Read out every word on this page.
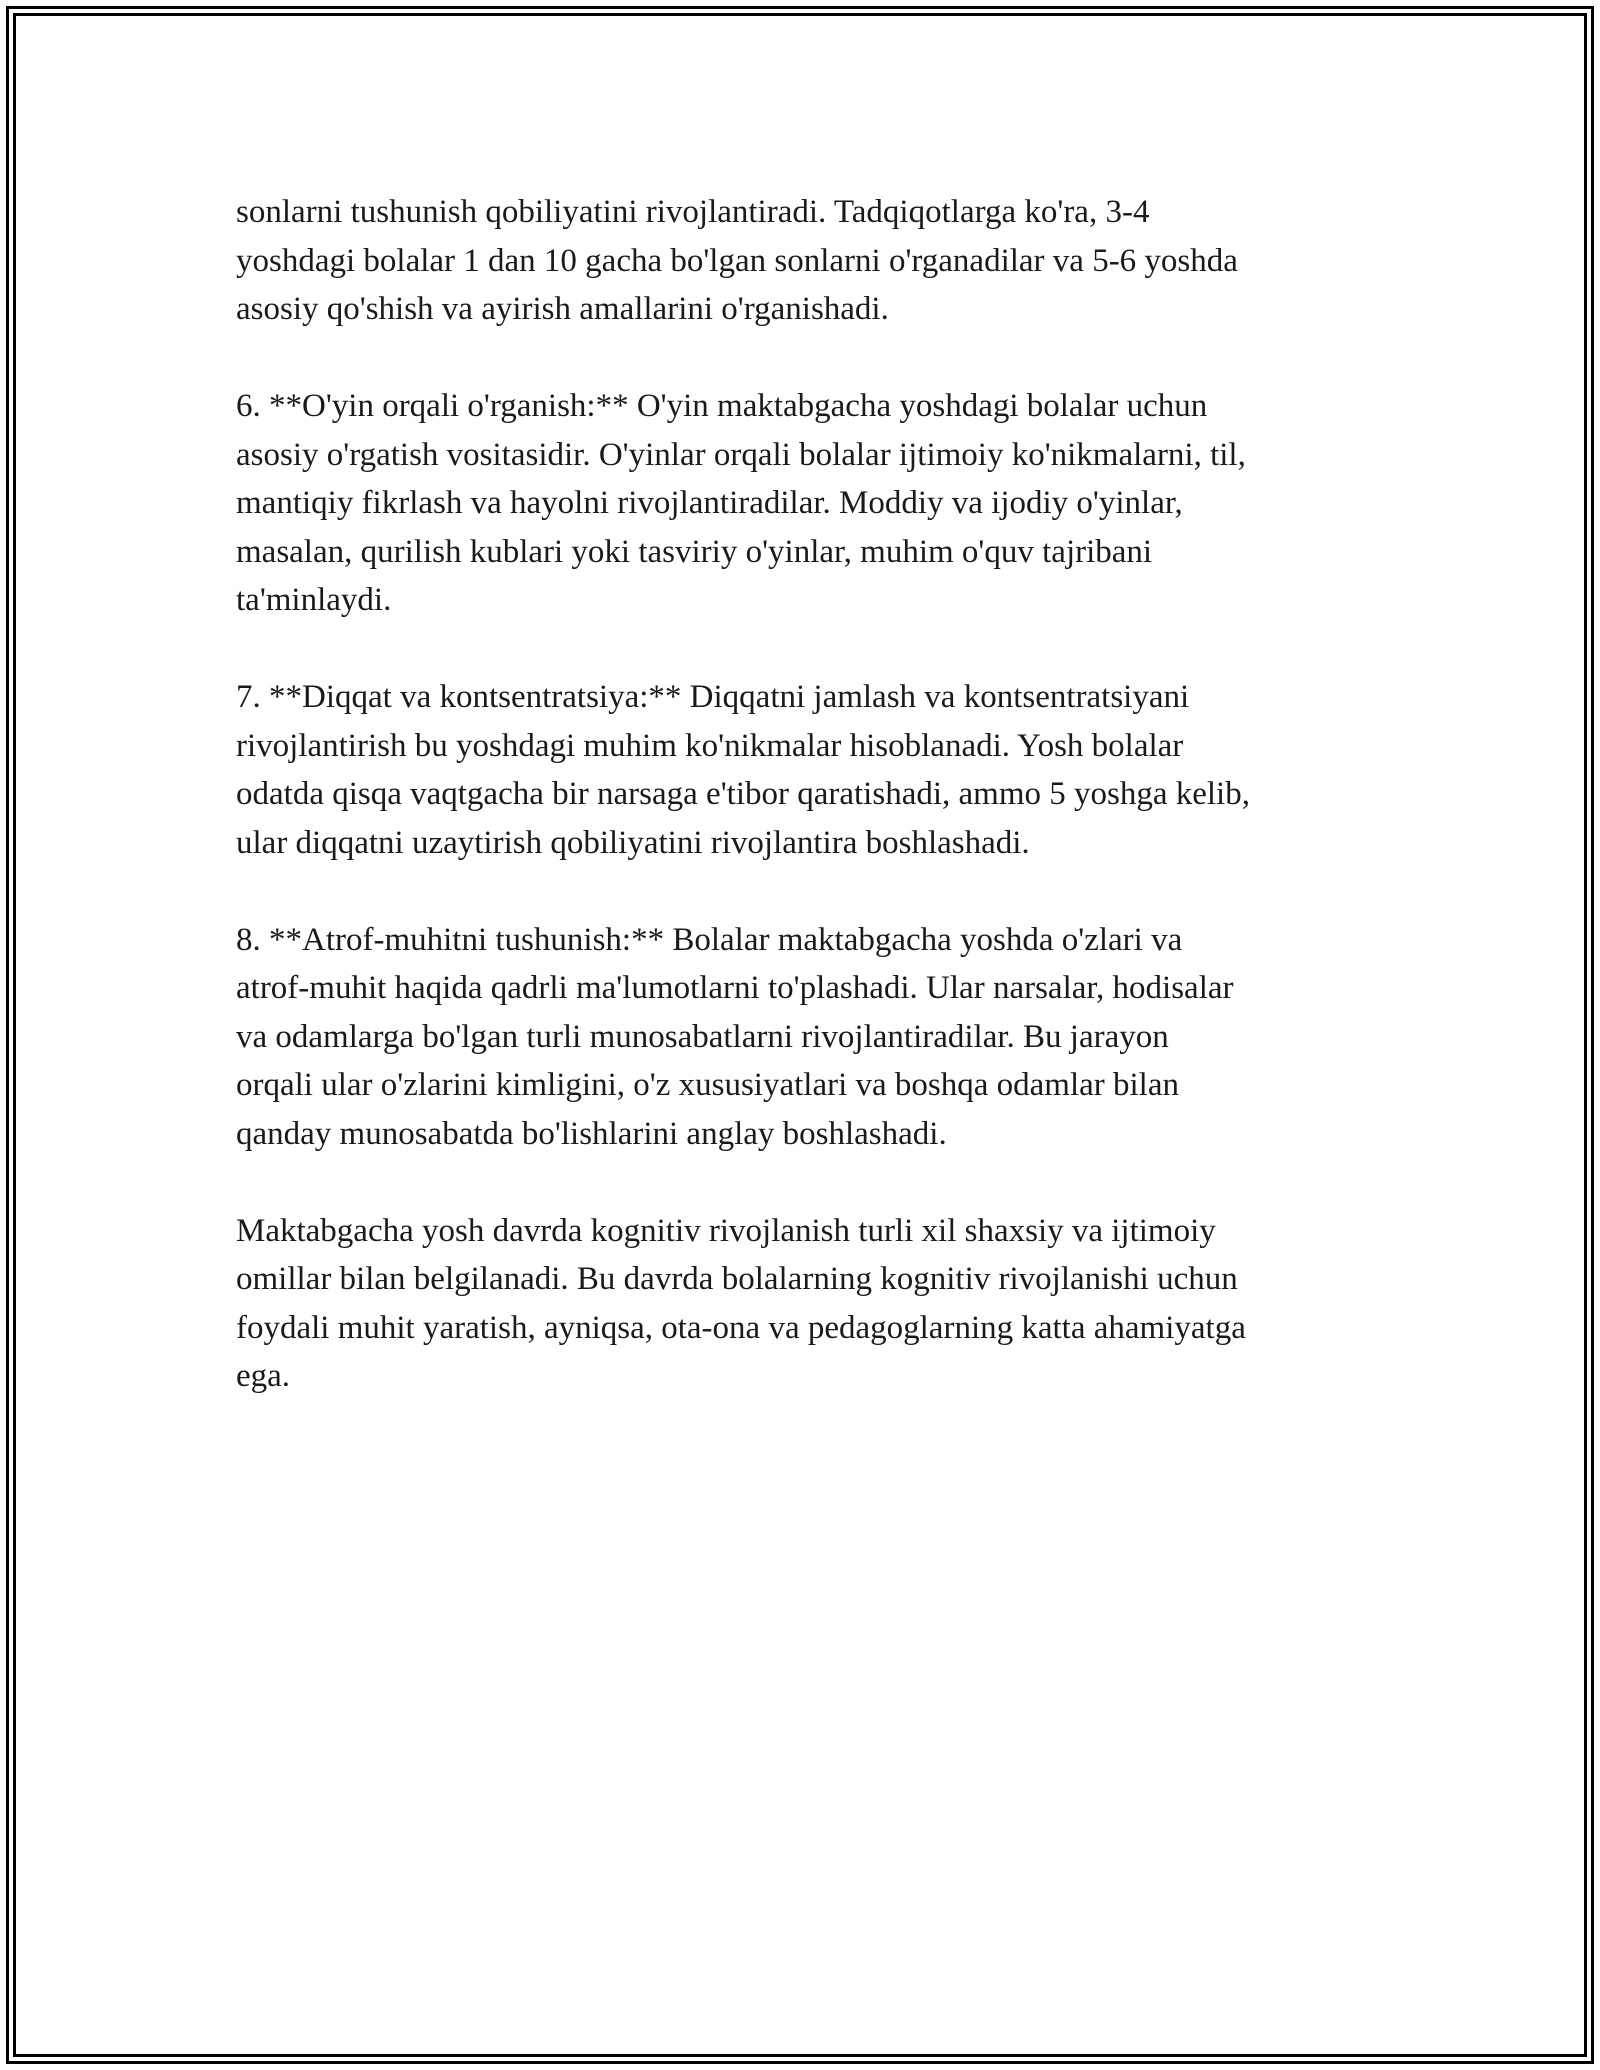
sonlarni tushunish qobiliyatini rivojlantiradi. Tadqiqotlarga ko'ra, 3-4
yoshdagi bolalar 1 dan 10 gacha bo'lgan sonlarni o'rganadilar va 5-6 yoshda
asosiy qo'shish va ayirish amallarini o'rganishadi.

6. **O'yin orqali o'rganish:** O'yin maktabgacha yoshdagi bolalar uchun
asosiy o'rgatish vositasidir. O'yinlar orqali bolalar ijtimoiy ko'nikmalarni, til,
mantiqiy fikrlash va hayolni rivojlantiradilar. Moddiy va ijodiy o'yinlar,
masalan, qurilish kublari yoki tasviriy o'yinlar, muhim o'quv tajribani
ta'minlaydi.

7. **Diqqat va kontsentratsiya:** Diqqatni jamlash va kontsentratsiyani
rivojlantirish bu yoshdagi muhim ko'nikmalar hisoblanadi. Yosh bolalar
odatda qisqa vaqtgacha bir narsaga e'tibor qaratishadi, ammo 5 yoshga kelib,
ular diqqatni uzaytirish qobiliyatini rivojlantira boshlashadi.

8. **Atrof-muhitni tushunish:** Bolalar maktabgacha yoshda o'zlari va
atrof-muhit haqida qadrli ma'lumotlarni to'plashadi. Ular narsalar, hodisalar
va odamlarga bo'lgan turli munosabatlarni rivojlantiradilar. Bu jarayon
orqali ular o'zlarini kimligini, o'z xususiyatlari va boshqa odamlar bilan
qanday munosabatda bo'lishlarini anglay boshlashadi.

Maktabgacha yosh davrda kognitiv rivojlanish turli xil shaxsiy va ijtimoiy
omillar bilan belgilanadi. Bu davrda bolalarning kognitiv rivojlanishi uchun
foydali muhit yaratish, ayniqsa, ota-ona va pedagoglarning katta ahamiyatga
ega.
